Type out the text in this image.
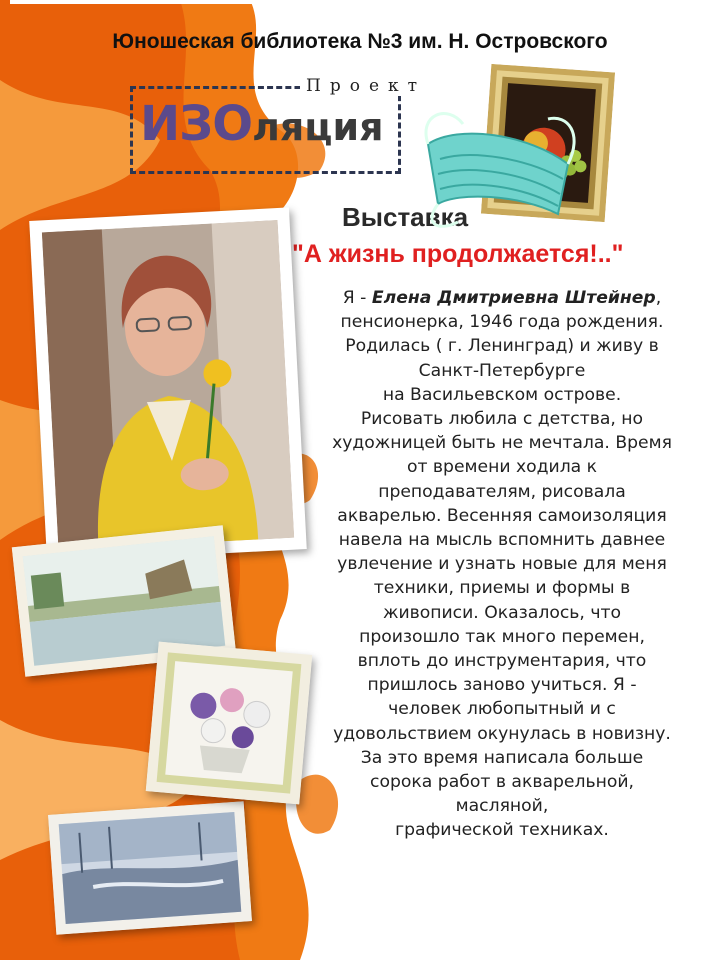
Юношеская библиотека №3 им. Н. Островского
Проект
ИЗОляция
Выставка
"А жизнь продолжается!.."
Я - Елена Дмитриевна Штейнер,
пенсионерка, 1946 года рождения.
Родилась ( г. Ленинград) и живу в
Санкт-Петербурге
на Васильевском острове.
Рисовать любила с детства, но
художницей быть не мечтала. Время
от времени ходила к
преподавателям, рисовала
акварелью. Весенняя самоизоляция
навела на мысль вспомнить давнее
увлечение и узнать новые для меня
техники, приемы и формы в
живописи. Оказалось, что
произошло так много перемен,
вплоть до инструментария, что
пришлось заново учиться. Я -
человек любопытный и с
удовольствием окунулась в новизну.
За это время написала больше
сорока работ в акварельной,
масляной,
графической техниках.
